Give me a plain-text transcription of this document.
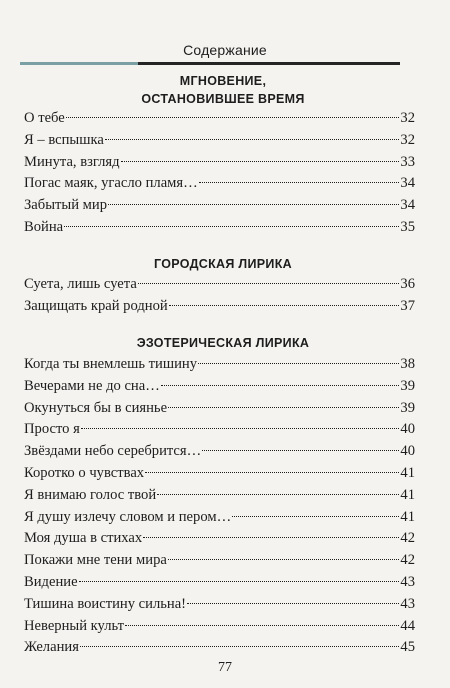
Содержание
МГНОВЕНИЕ,
ОСТАНОВИВШЕЕ ВРЕМЯ
О тебе	32
Я – вспышка	32
Минута, взгляд	33
Погас маяк, угасло пламя…	34
Забытый мир	34
Война	35
ГОРОДСКАЯ ЛИРИКА
Суета, лишь суета	36
Защищать край родной	37
ЭЗОТЕРИЧЕСКАЯ ЛИРИКА
Когда ты внемлешь тишину	38
Вечерами не до сна…	39
Окунуться бы в сиянье	39
Просто я	40
Звёздами небо серебрится…	40
Коротко о чувствах	41
Я внимаю голос твой	41
Я душу излечу словом и пером…	41
Моя душа в стихах	42
Покажи мне тени мира	42
Видение	43
Тишина воистину сильна!	43
Неверный культ	44
Желания	45
77
